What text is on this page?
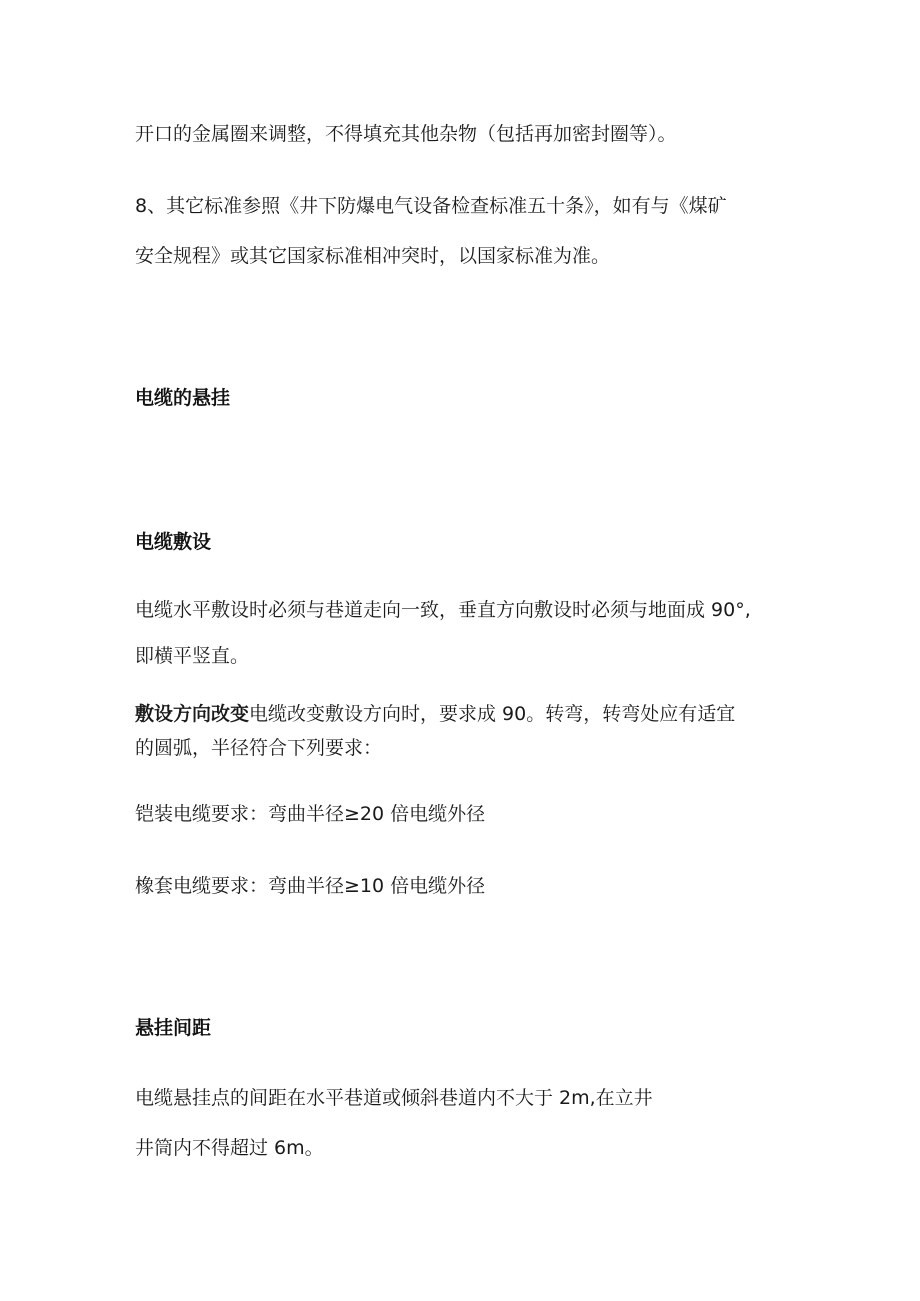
开口的金属圈来调整，不得填充其他杂物（包括再加密封圈等）。
8、其它标准参照《井下防爆电气设备检查标准五十条》，如有与《煤矿
安全规程》或其它国家标准相冲突时，以国家标准为准。
电缆的悬挂
电缆敷设
电缆水平敷设时必须与巷道走向一致，垂直方向敷设时必须与地面成 90°,
即横平竖直。
敷设方向改变电缆改变敷设方向时，要求成 90。转弯，转弯处应有适宜
的圆弧，半径符合下列要求：
铠装电缆要求：弯曲半径≥20 倍电缆外径
橡套电缆要求：弯曲半径≥10 倍电缆外径
悬挂间距
电缆悬挂点的间距在水平巷道或倾斜巷道内不大于 2m,在立井
井筒内不得超过 6m。
